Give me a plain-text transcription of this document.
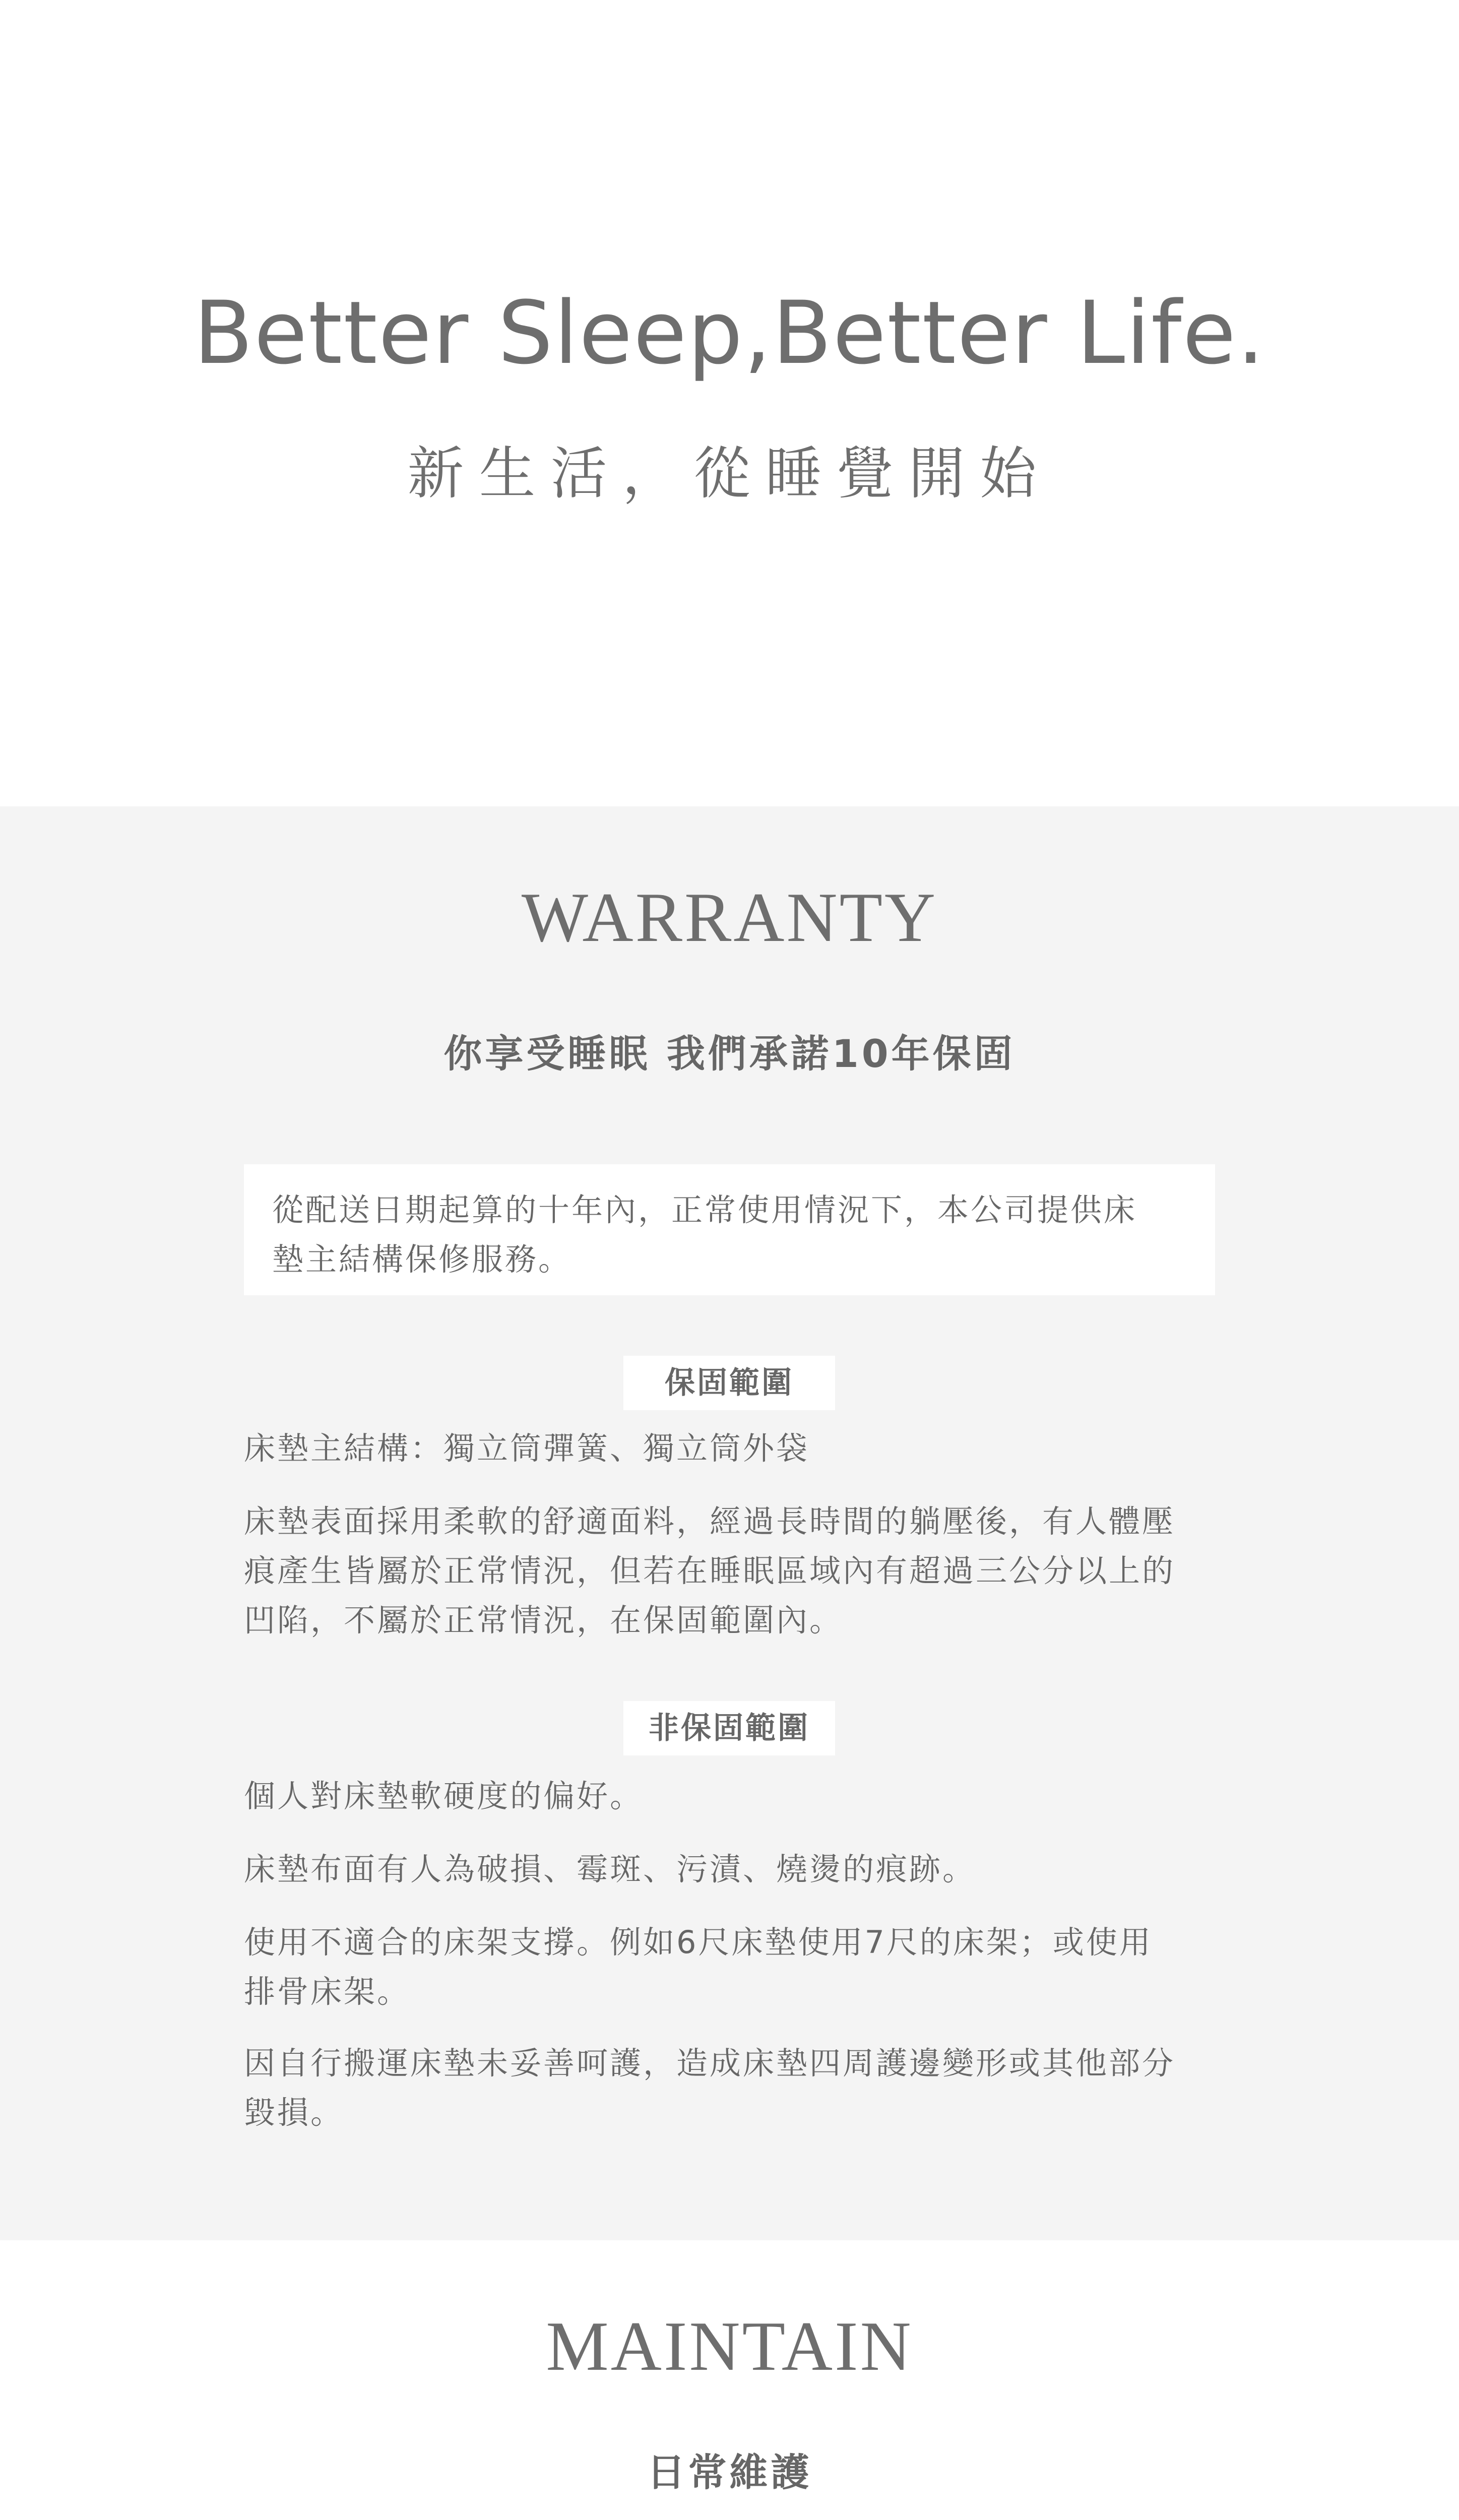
Better Sleep,Better Life.
新生活，從睡覺開始
WARRANTY
你享受睡眠 我們承諾10年保固
從配送日期起算的十年內，正常使用情況下，本公司提供床
墊主結構保修服務。
保固範圍
床墊主結構：獨立筒彈簧、獨立筒外袋
床墊表面採用柔軟的舒適面料，經過長時間的躺壓後，有人體壓
痕產生皆屬於正常情況，但若在睡眠區域內有超過三公分以上的
凹陷，不屬於正常情況，在保固範圍內。
非保固範圍
個人對床墊軟硬度的偏好。
床墊布面有人為破損、霉斑、污漬、燒燙的痕跡。
使用不適合的床架支撐。例如6尺床墊使用7尺的床架；或使用
排骨床架。
因自行搬運床墊未妥善呵護，造成床墊四周護邊變形或其他部分
毀損。
MAINTAIN
日常維護
